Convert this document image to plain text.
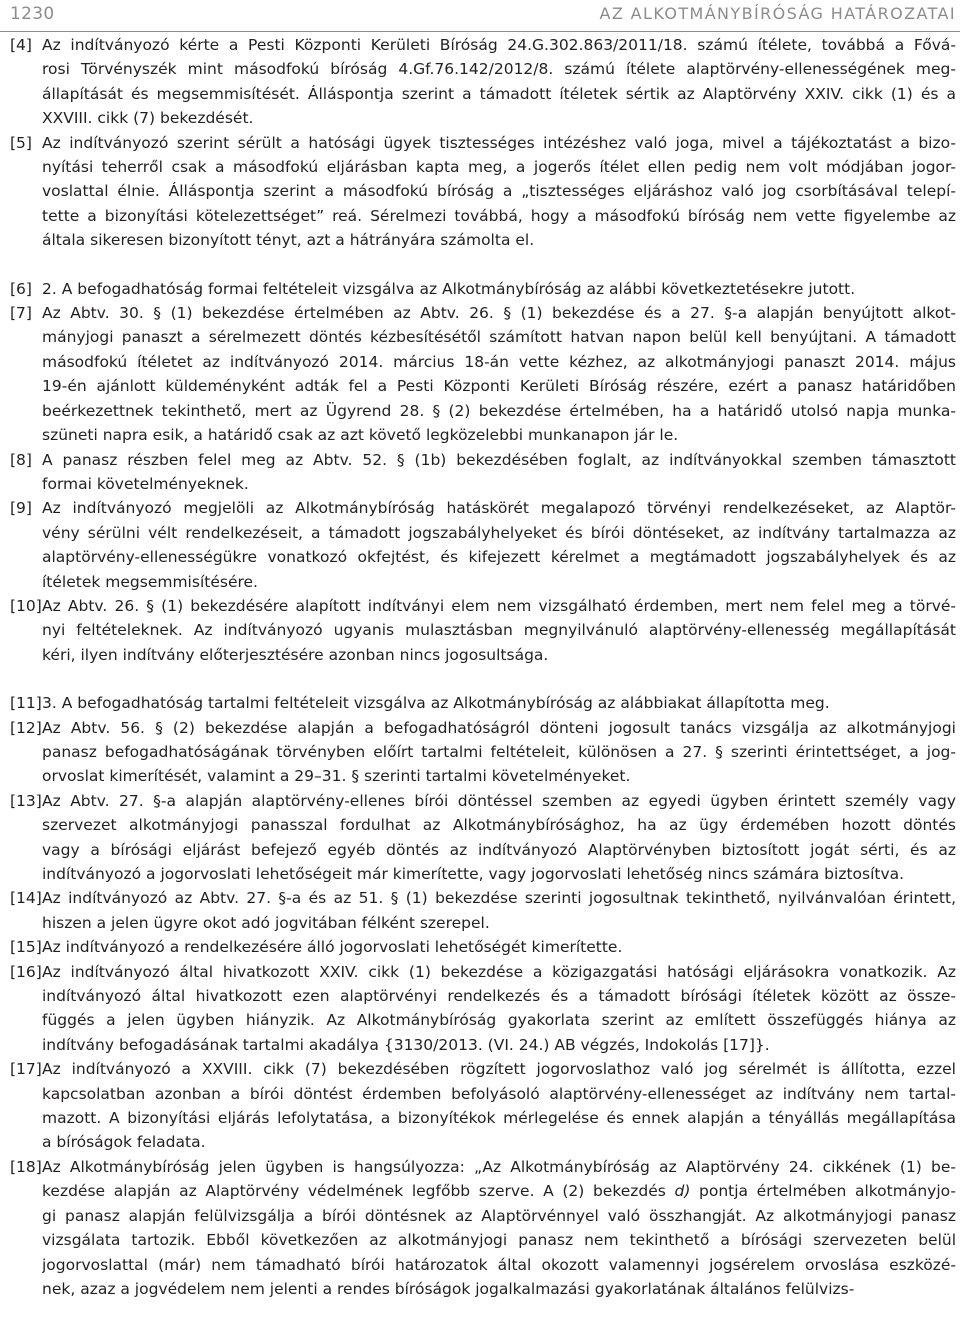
1230	AZ ALKOTMÁNYBÍRÓSÁG HATÁROZATAI
[4] Az indítványozó kérte a Pesti Központi Kerületi Bíróság 24.G.302.863/2011/18. számú ítélete, továbbá a Fővá-
rosi Törvényszék mint másodfokú bíróság 4.Gf.76.142/2012/8. számú ítélete alaptörvény-ellenességének meg-
állapítását és megsemmisítését. Álláspontja szerint a támadott ítéletek sértik az Alaptörvény XXIV. cikk (1) és a
XXVIII. cikk (7) bekezdését.
[5] Az indítványozó szerint sérült a hatósági ügyek tisztességes intézéshez való joga, mivel a tájékoztatást a bizo-
nyítási teherről csak a másodfokú eljárásban kapta meg, a jogerős ítélet ellen pedig nem volt módjában jogor-
voslattal élnie. Álláspontja szerint a másodfokú bíróság a „tisztességes eljáráshoz való jog csorbításával telepí-
tette a bizonyítási kötelezettséget” reá. Sérelmezi továbbá, hogy a másodfokú bíróság nem vette figyelembe az
általa sikeresen bizonyított tényt, azt a hátrányára számolta el.
[6] 2. A befogadhatóság formai feltételeit vizsgálva az Alkotmánybíróság az alábbi következtetésekre jutott.
[7] Az Abtv. 30. § (1) bekezdése értelmében az Abtv. 26. § (1) bekezdése és a 27. §-a alapján benyújtott alkot-
mányjogi panaszt a sérelmezett döntés kézbesítésétől számított hatvan napon belül kell benyújtani. A támadott
másodfokú ítéletet az indítványozó 2014. március 18-án vette kézhez, az alkotmányjogi panaszt 2014. május
19-én ajánlott küldeményként adták fel a Pesti Központi Kerületi Bíróság részére, ezért a panasz határidőben
beérkezettnek tekinthető, mert az Ügyrend 28. § (2) bekezdése értelmében, ha a határidő utolsó napja munka-
szüneti napra esik, a határidő csak az azt követő legközelebbi munkanapon jár le.
[8] A panasz részben felel meg az Abtv. 52. § (1b) bekezdésében foglalt, az indítványokkal szemben támasztott
formai követelményeknek.
[9] Az indítványozó megjelöli az Alkotmánybíróság hatáskörét megalapozó törvényi rendelkezéseket, az Alaptör-
vény sérülni vélt rendelkezéseit, a támadott jogszabályhelyeket és bírói döntéseket, az indítvány tartalmazza az
alaptörvény-ellenességükre vonatkozó okfejtést, és kifejezett kérelmet a megtámadott jogszabályhelyek és az
ítéletek megsemmisítésére.
[10] Az Abtv. 26. § (1) bekezdésére alapított indítványi elem nem vizsgálható érdemben, mert nem felel meg a törvé-
nyi feltételeknek. Az indítványozó ugyanis mulasztásban megnyilvánuló alaptörvény-ellenesség megállapítását
kéri, ilyen indítvány előterjesztésére azonban nincs jogosultsága.
[11] 3. A befogadhatóság tartalmi feltételeit vizsgálva az Alkotmánybíróság az alábbiakat állapította meg.
[12] Az Abtv. 56. § (2) bekezdése alapján a befogadhatóságról dönteni jogosult tanács vizsgálja az alkotmányjogi
panasz befogadhatóságának törvényben előírt tartalmi feltételeit, különösen a 27. § szerinti érintettséget, a jog-
orvoslat kimerítését, valamint a 29–31. § szerinti tartalmi követelményeket.
[13] Az Abtv. 27. §-a alapján alaptörvény-ellenes bírói döntéssel szemben az egyedi ügyben érintett személy vagy
szervezet alkotmányjogi panasszal fordulhat az Alkotmánybírósághoz, ha az ügy érdemében hozott döntés
vagy a bírósági eljárást befejező egyéb döntés az indítványozó Alaptörvényben biztosított jogát sérti, és az
indítványozó a jogorvoslati lehetőségeit már kimerítette, vagy jogorvoslati lehetőség nincs számára biztosítva.
[14] Az indítványozó az Abtv. 27. §-a és az 51. § (1) bekezdése szerinti jogosultnak tekinthető, nyilvánvalóan érintett,
hiszen a jelen ügyre okot adó jogvitában félként szerepel.
[15] Az indítványozó a rendelkezésére álló jogorvoslati lehetőségét kimerítette.
[16] Az indítványozó által hivatkozott XXIV. cikk (1) bekezdése a közigazgatási hatósági eljárásokra vonatkozik. Az
indítványozó által hivatkozott ezen alaptörvényi rendelkezés és a támadott bírósági ítéletek között az össze-
függés a jelen ügyben hiányzik. Az Alkotmánybíróság gyakorlata szerint az említett összefüggés hiánya az
indítvány befogadásának tartalmi akadálya {3130/2013. (VI. 24.) AB végzés, Indokolás [17]}.
[17] Az indítványozó a XXVIII. cikk (7) bekezdésében rögzített jogorvoslathoz való jog sérelmét is állította, ezzel
kapcsolatban azonban a bírói döntést érdemben befolyásoló alaptörvény-ellenességet az indítvány nem tartal-
mazott. A bizonyítási eljárás lefolytatása, a bizonyítékok mérlegelése és ennek alapján a tényállás megállapítása
a bíróságok feladata.
[18] Az Alkotmánybíróság jelen ügyben is hangsúlyozza: „Az Alkotmánybíróság az Alaptörvény 24. cikkének (1) be-
kezdése alapján az Alaptörvény védelmének legfőbb szerve. A (2) bekezdés d) pontja értelmében alkotmányjo-
gi panasz alapján felülvizsgálja a bírói döntésnek az Alaptörvénnyel való összhangját. Az alkotmányjogi panasz
vizsgálata tartozik. Ebből következően az alkotmányjogi panasz nem tekinthető a bírósági szervezeten belül
jogorvoslattal (már) nem támadható bírói határozatok által okozott valamennyi jogsérelem orvoslása eszközé-
nek, azaz a jogvédelem nem jelenti a rendes bíróságok jogalkalmazási gyakorlatának általános felülvizs-
